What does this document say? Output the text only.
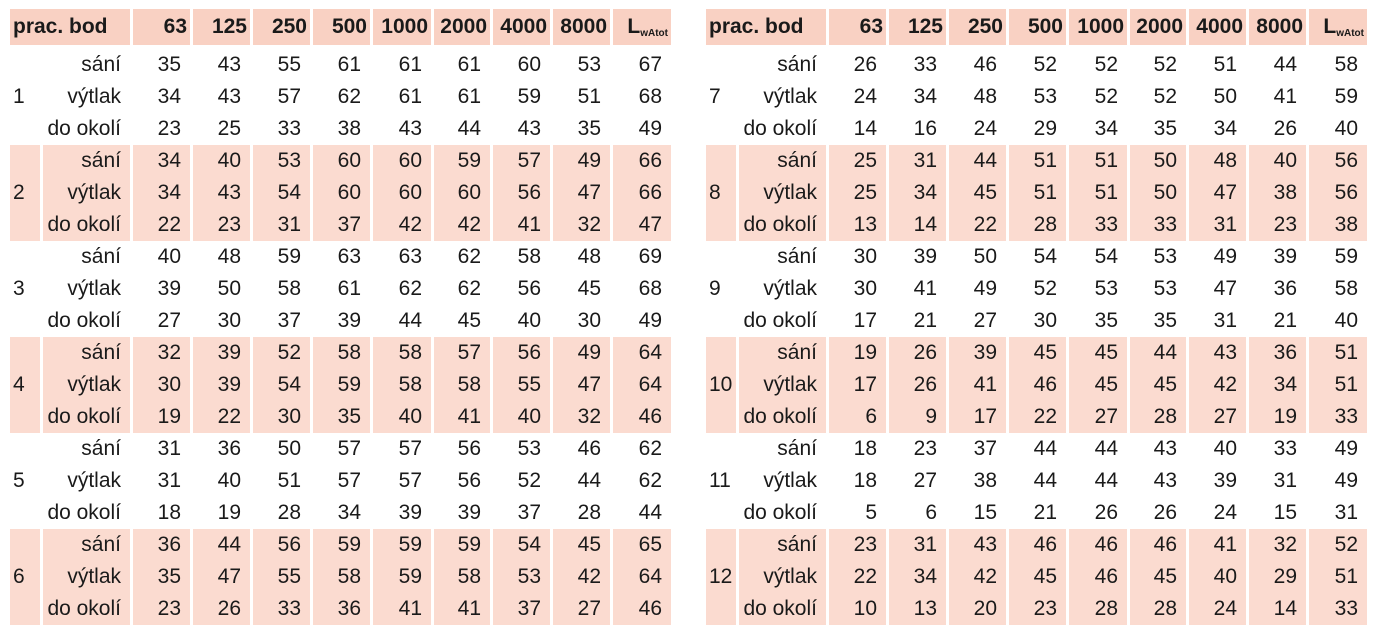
prac. bod		63	125	250	500	1000	2000	4000	8000	$L_{wAtot}$
1	sání	35	43	55	61	61	61	60	53	67
	výtlak	34	43	57	62	61	61	59	51	68
	do okolí	23	25	33	38	43	44	43	35	49
2	sání	34	40	53	60	60	59	57	49	66
	výtlak	34	43	54	60	60	60	56	47	66
	do okolí	22	23	31	37	42	42	41	32	47
3	sání	40	48	59	63	63	62	58	48	69
	výtlak	39	50	58	61	62	62	56	45	68
	do okolí	27	30	37	39	44	45	40	30	49
4	sání	32	39	52	58	58	57	56	49	64
	výtlak	30	39	54	59	58	58	55	47	64
	do okolí	19	22	30	35	40	41	40	32	46
5	sání	31	36	50	57	57	56	53	46	62
	výtlak	31	40	51	57	57	56	52	44	62
	do okolí	18	19	28	34	39	39	37	28	44
6	sání	36	44	56	59	59	59	54	45	65
	výtlak	35	47	55	58	59	58	53	42	64
	do okolí	23	26	33	36	41	41	37	27	46
prac. bod		63	125	250	500	1000	2000	4000	8000	$L_{wAtot}$
7	sání	26	33	46	52	52	52	51	44	58
	výtlak	24	34	48	53	52	52	50	41	59
	do okolí	14	16	24	29	34	35	34	26	40
8	sání	25	31	44	51	51	50	48	40	56
	výtlak	25	34	45	51	51	50	47	38	56
	do okolí	13	14	22	28	33	33	31	23	38
9	sání	30	39	50	54	54	53	49	39	59
	výtlak	30	41	49	52	53	53	47	36	58
	do okolí	17	21	27	30	35	35	31	21	40
10	sání	19	26	39	45	45	44	43	36	51
	výtlak	17	26	41	46	45	45	42	34	51
	do okolí	6	9	17	22	27	28	27	19	33
11	sání	18	23	37	44	44	43	40	33	49
	výtlak	18	27	38	44	44	43	39	31	49
	do okolí	5	6	15	21	26	26	24	15	31
12	sání	23	31	43	46	46	46	41	32	52
	výtlak	22	34	42	45	46	45	40	29	51
	do okolí	10	13	20	23	28	28	24	14	33
